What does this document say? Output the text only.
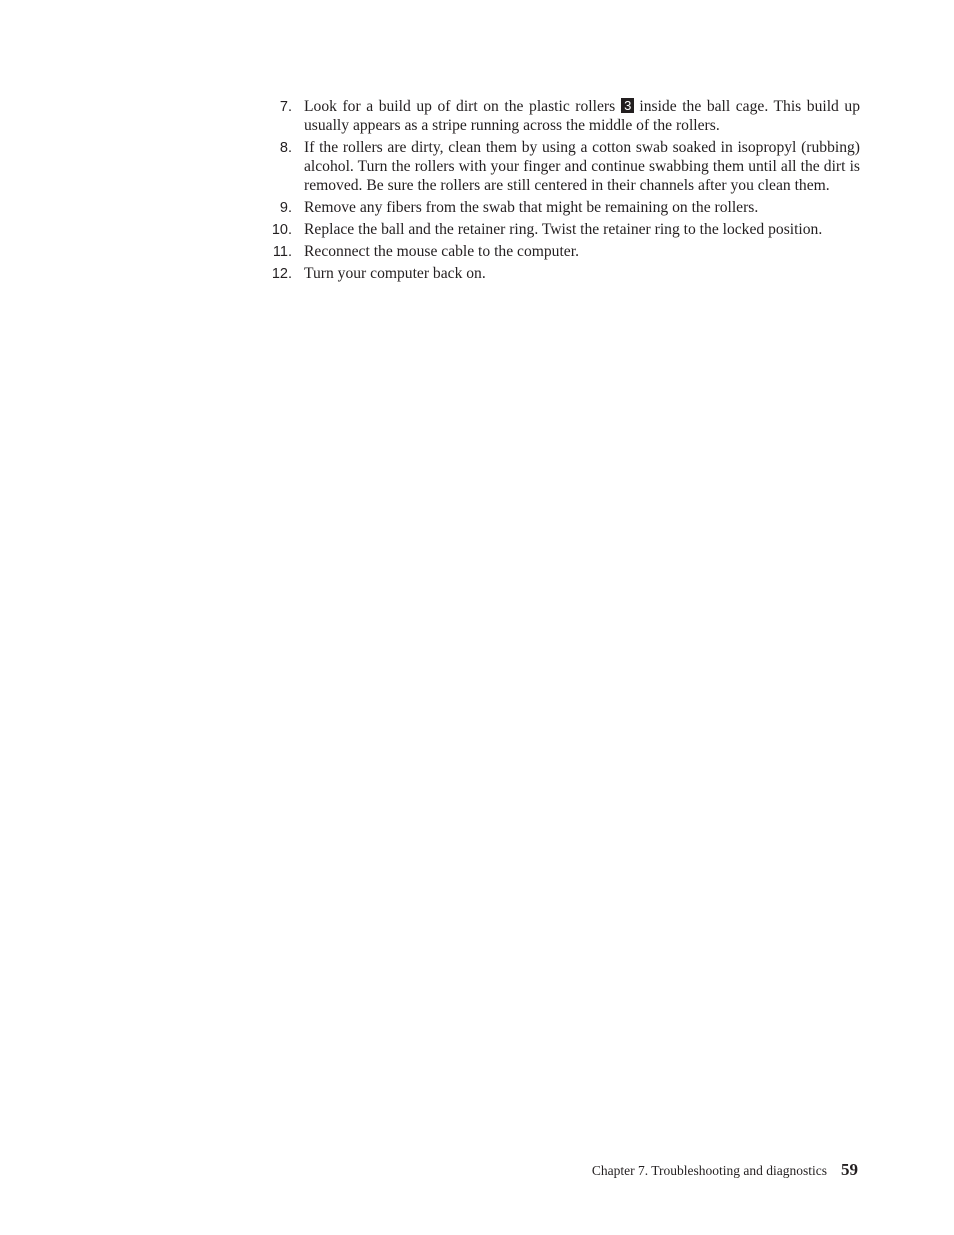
7. Look for a build up of dirt on the plastic rollers 3 inside the ball cage. This build up usually appears as a stripe running across the middle of the rollers.
8. If the rollers are dirty, clean them by using a cotton swab soaked in isopropyl (rubbing) alcohol. Turn the rollers with your finger and continue swabbing them until all the dirt is removed. Be sure the rollers are still centered in their channels after you clean them.
9. Remove any fibers from the swab that might be remaining on the rollers.
10. Replace the ball and the retainer ring. Twist the retainer ring to the locked position.
11. Reconnect the mouse cable to the computer.
12. Turn your computer back on.
Chapter 7. Troubleshooting and diagnostics 59
